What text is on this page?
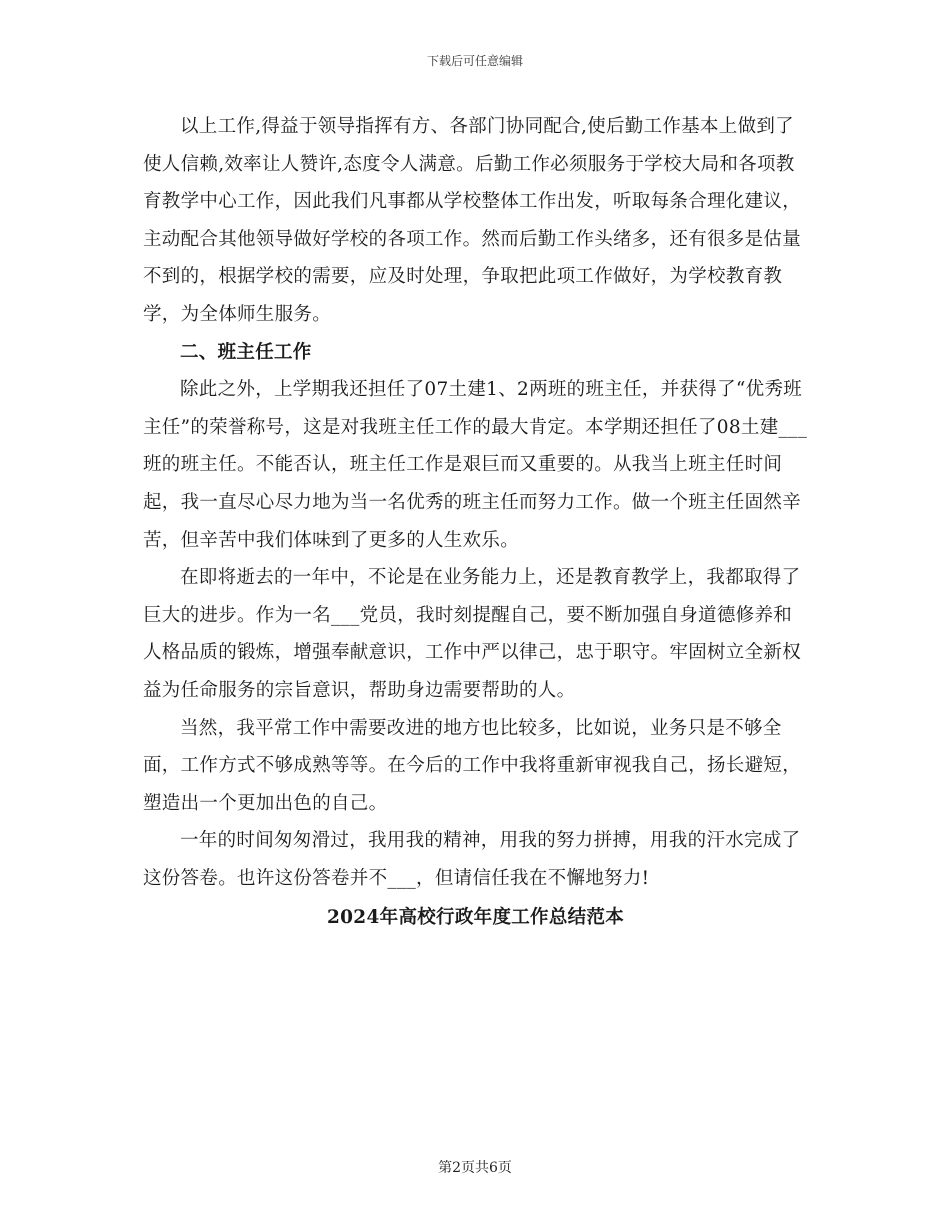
下载后可任意编辑

以上工作,得益于领导指挥有方、各部门协同配合,使后勤工作基本上做到了使人信赖,效率让人赞许,态度令人满意。后勤工作必须服务于学校大局和各项教育教学中心工作，因此我们凡事都从学校整体工作出发，听取每条合理化建议，主动配合其他领导做好学校的各项工作。然而后勤工作头绪多，还有很多是估量不到的，根据学校的需要，应及时处理，争取把此项工作做好，为学校教育教学，为全体师生服务。

二、班主任工作

除此之外，上学期我还担任了07土建1、2两班的班主任，并获得了“优秀班主任”的荣誉称号，这是对我班主任工作的最大肯定。本学期还担任了08土建___班的班主任。不能否认，班主任工作是艰巨而又重要的。从我当上班主任时间起，我一直尽心尽力地为当一名优秀的班主任而努力工作。做一个班主任固然辛苦，但辛苦中我们体味到了更多的人生欢乐。

在即将逝去的一年中，不论是在业务能力上，还是教育教学上，我都取得了巨大的进步。作为一名___党员，我时刻提醒自己，要不断加强自身道德修养和人格品质的锻炼，增强奉献意识，工作中严以律己，忠于职守。牢固树立全新权益为任命服务的宗旨意识，帮助身边需要帮助的人。

当然，我平常工作中需要改进的地方也比较多，比如说，业务只是不够全面，工作方式不够成熟等等。在今后的工作中我将重新审视我自己，扬长避短，塑造出一个更加出色的自己。

一年的时间匆匆滑过，我用我的精神，用我的努力拼搏，用我的汗水完成了这份答卷。也许这份答卷并不___，但请信任我在不懈地努力!

2024年高校行政年度工作总结范本
第2页共6页
